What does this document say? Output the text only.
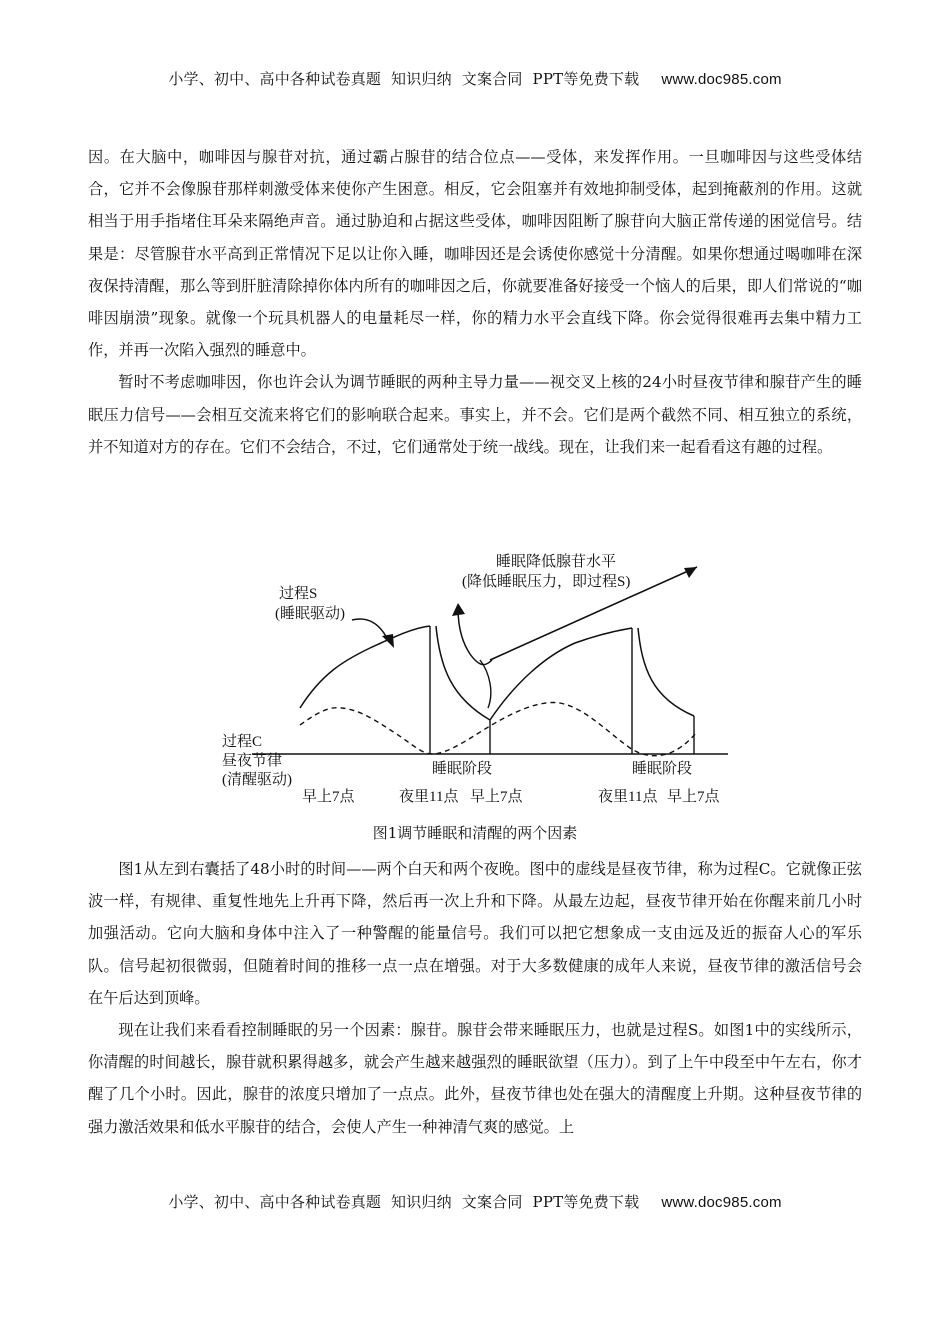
小学、初中、高中各种试卷真题  知识归纳  文案合同  PPT等免费下载 www.doc985.com

因。在大脑中，咖啡因与腺苷对抗，通过霸占腺苷的结合位点——受体，来发挥作用。一旦咖啡因与这些受体结合，它并不会像腺苷那样刺激受体来使你产生困意。相反，它会阻塞并有效地抑制受体，起到掩蔽剂的作用。这就相当于用手指堵住耳朵来隔绝声音。通过胁迫和占据这些受体，咖啡因阻断了腺苷向大脑正常传递的困觉信号。结果是：尽管腺苷水平高到正常情况下足以让你入睡，咖啡因还是会诱使你感觉十分清醒。如果你想通过喝咖啡在深夜保持清醒，那么等到肝脏清除掉你体内所有的咖啡因之后，你就要准备好接受一个恼人的后果，即人们常说的“咖啡因崩溃”现象。就像一个玩具机器人的电量耗尽一样，你的精力水平会直线下降。你会觉得很难再去集中精力工作，并再一次陷入强烈的睡意中。

暂时不考虑咖啡因，你也许会认为调节睡眠的两种主导力量——视交叉上核的24小时昼夜节律和腺苷产生的睡眠压力信号——会相互交流来将它们的影响联合起来。事实上，并不会。它们是两个截然不同、相互独立的系统，并不知道对方的存在。它们不会结合，不过，它们通常处于统一战线。现在，让我们来一起看看这有趣的过程。

过程S
(睡眠驱动)
睡眠降低腺苷水平
(降低睡眠压力，即过程S)
过程C
昼夜节律
(清醒驱动)
睡眠阶段	睡眠阶段
早上7点	夜里11点 早上7点	夜里11点 早上7点
图1调节睡眠和清醒的两个因素

图1从左到右囊括了48小时的时间——两个白天和两个夜晚。图中的虚线是昼夜节律，称为过程C。它就像正弦波一样，有规律、重复性地先上升再下降，然后再一次上升和下降。从最左边起，昼夜节律开始在你醒来前几小时加强活动。它向大脑和身体中注入了一种警醒的能量信号。我们可以把它想象成一支由远及近的振奋人心的军乐队。信号起初很微弱，但随着时间的推移一点一点在增强。对于大多数健康的成年人来说，昼夜节律的激活信号会在午后达到顶峰。

现在让我们来看看控制睡眠的另一个因素：腺苷。腺苷会带来睡眠压力，也就是过程S。如图1中的实线所示，你清醒的时间越长，腺苷就积累得越多，就会产生越来越强烈的睡眠欲望（压力）。到了上午中段至中午左右，你才醒了几个小时。因此，腺苷的浓度只增加了一点点。此外，昼夜节律也处在强大的清醒度上升期。这种昼夜节律的强力激活效果和低水平腺苷的结合，会使人产生一种神清气爽的感觉。上

小学、初中、高中各种试卷真题  知识归纳  文案合同  PPT等免费下载 www.doc985.com
